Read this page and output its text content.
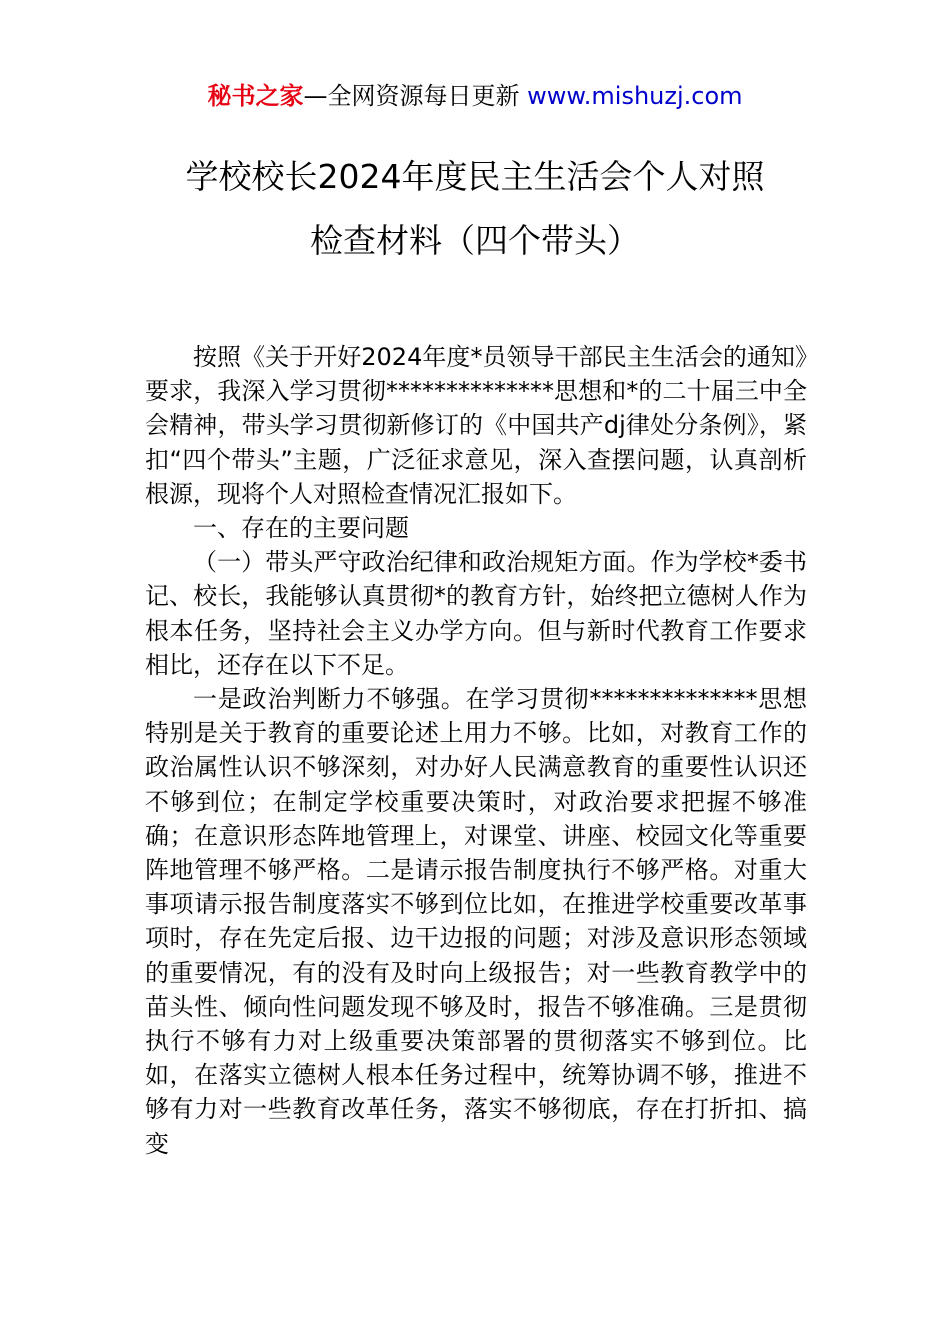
秘书之家—全网资源每日更新 www.mishuzj.com
学校校长2024年度民主生活会个人对照
检查材料（四个带头）

按照《关于开好2024年度*员领导干部民主生活会的通知》要求，我深入学习贯彻**************思想和*的二十届三中全会精神，带头学习贯彻新修订的《中国共产dj律处分条例》，紧扣“四个带头”主题，广泛征求意见，深入查摆问题，认真剖析根源，现将个人对照检查情况汇报如下。

一、存在的主要问题

（一）带头严守政治纪律和政治规矩方面。作为学校*委书记、校长，我能够认真贯彻*的教育方针，始终把立德树人作为根本任务，坚持社会主义办学方向。但与新时代教育工作要求相比，还存在以下不足。

一是政治判断力不够强。在学习贯彻**************思想特别是关于教育的重要论述上用力不够。比如，对教育工作的政治属性认识不够深刻，对办好人民满意教育的重要性认识还不够到位；在制定学校重要决策时，对政治要求把握不够准确；在意识形态阵地管理上，对课堂、讲座、校园文化等重要阵地管理不够严格。二是请示报告制度执行不够严格。对重大事项请示报告制度落实不够到位比如，在推进学校重要改革事项时，存在先定后报、边干边报的问题；对涉及意识形态领域的重要情况，有的没有及时向上级报告；对一些教育教学中的苗头性、倾向性问题发现不够及时，报告不够准确。三是贯彻执行不够有力对上级重要决策部署的贯彻落实不够到位。比如，在落实立德树人根本任务过程中，统筹协调不够，推进不够有力对一些教育改革任务，落实不够彻底，存在打折扣、搞变
